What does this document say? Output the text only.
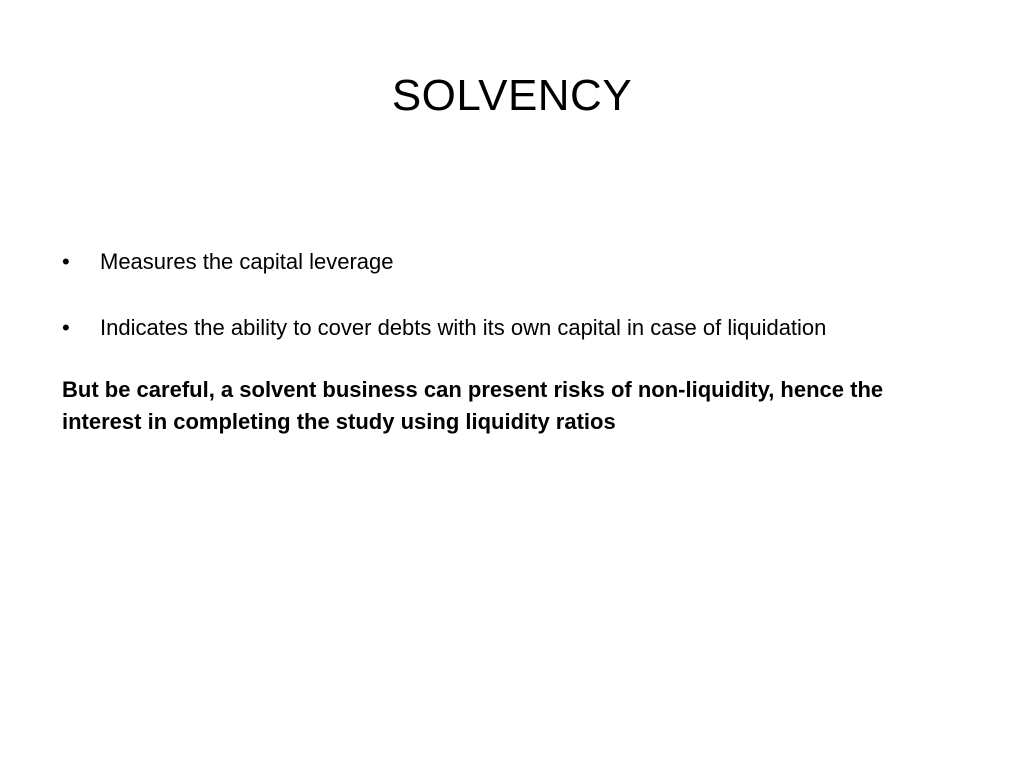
SOLVENCY
•	Measures the capital leverage
•	Indicates the ability to cover debts with its own capital in case of liquidation

But be careful, a solvent business can present risks of non-liquidity, hence the interest in completing the study using liquidity ratios
